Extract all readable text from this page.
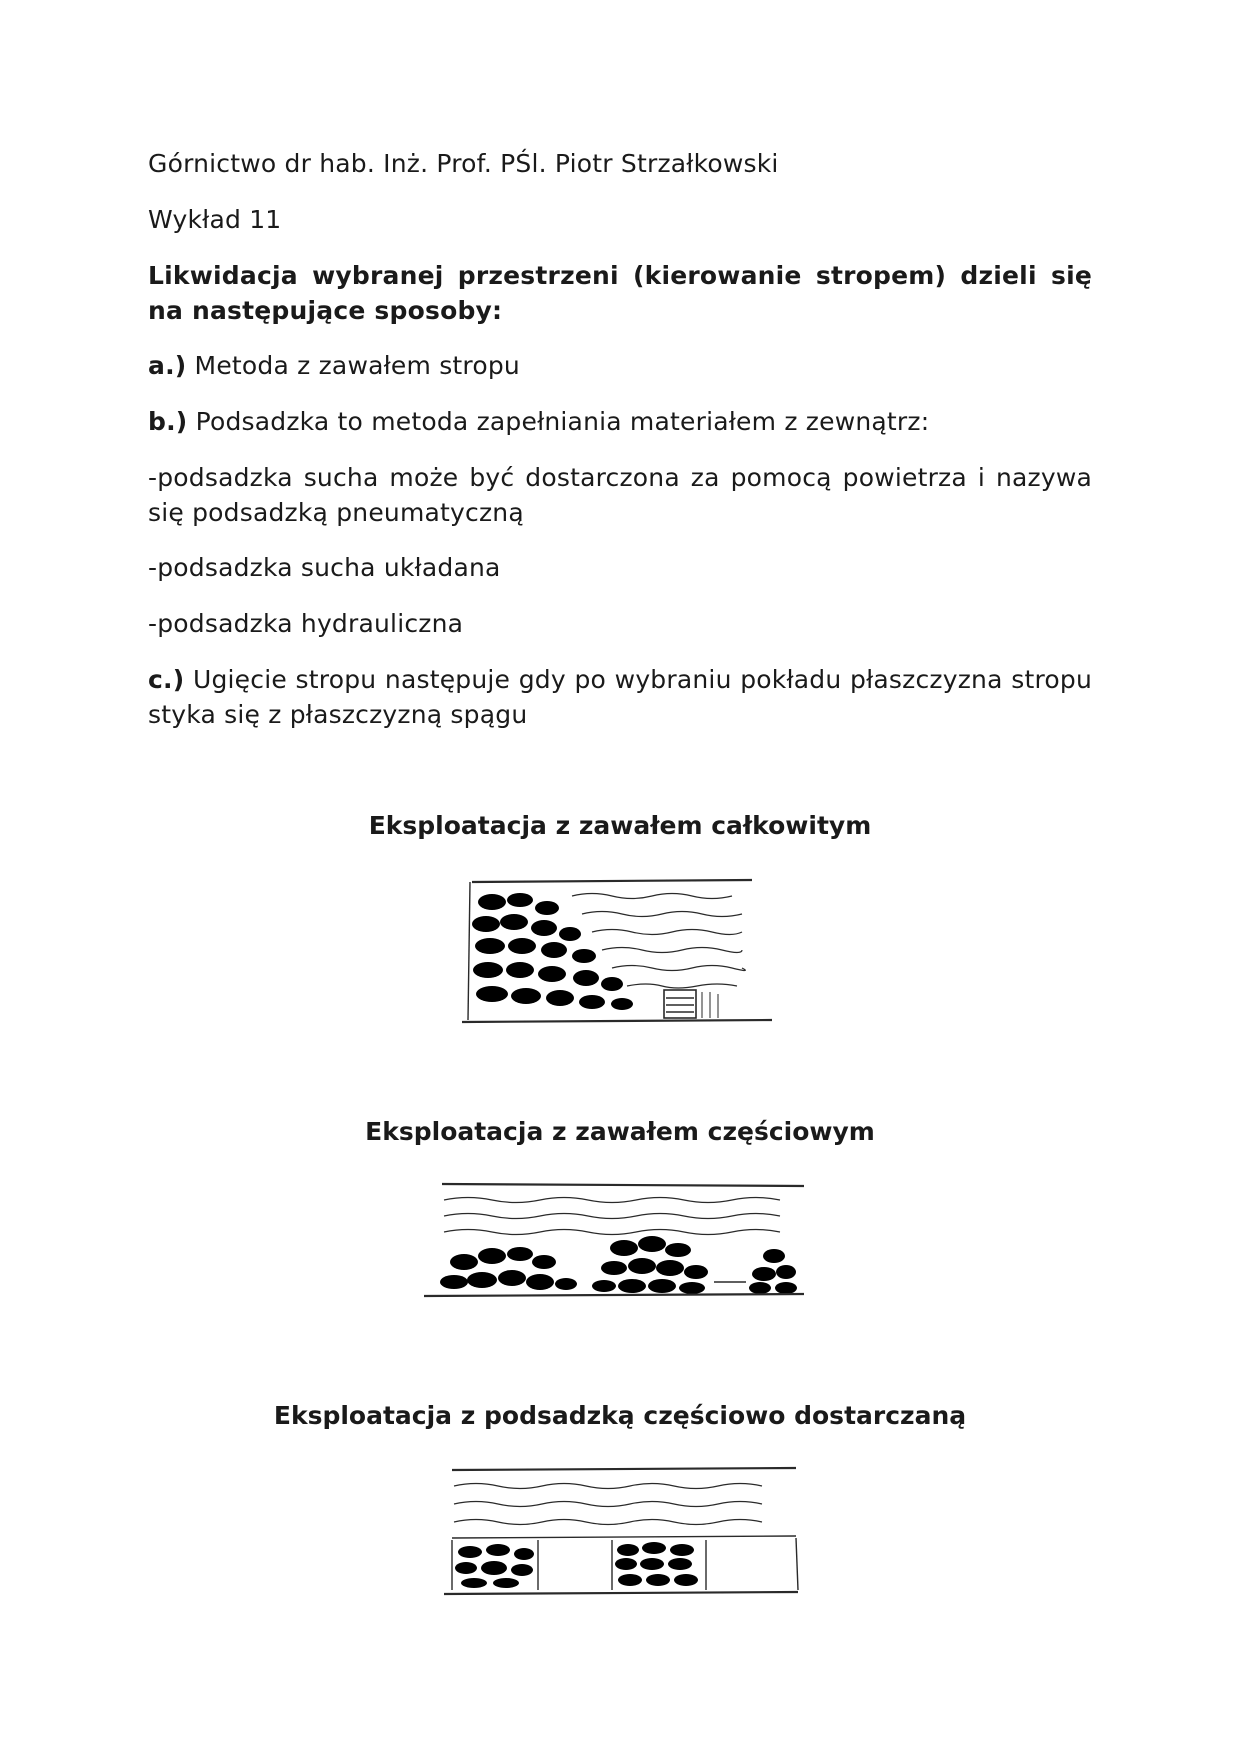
Górnictwo dr hab. Inż. Prof. PŚl. Piotr Strzałkowski
Wykład 11
Likwidacja wybranej przestrzeni (kierowanie stropem) dzieli się na następujące sposoby:
a.) Metoda z zawałem stropu
b.) Podsadzka to metoda zapełniania materiałem z zewnątrz:
-podsadzka sucha może być dostarczona za pomocą powietrza i nazywa się podsadzką pneumatyczną
-podsadzka sucha układana
-podsadzka hydrauliczna
c.) Ugięcie stropu następuje gdy po wybraniu pokładu płaszczyzna stropu styka się z płaszczyzną spągu
Eksploatacja z zawałem całkowitym
Eksploatacja z zawałem częściowym
Eksploatacja z podsadzką częściowo dostarczaną
